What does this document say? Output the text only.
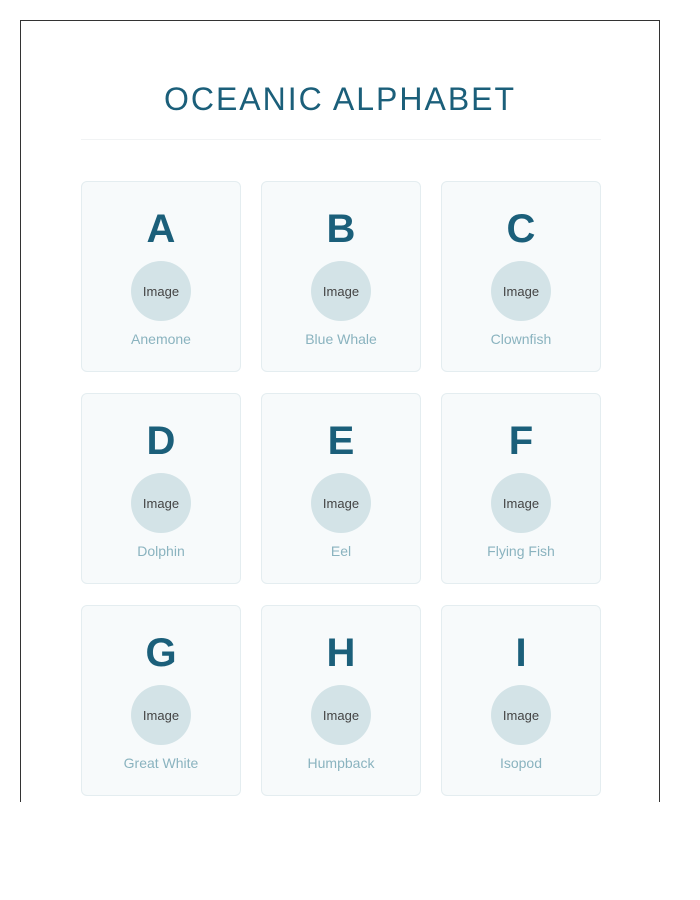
OCEANIC ALPHABET
A
Image
Anemone
B
Image
Blue Whale
C
Image
Clownfish
D
Image
Dolphin
E
Image
Eel
F
Image
Flying Fish
G
Image
Great White
H
Image
Humpback
I
Image
Isopod
